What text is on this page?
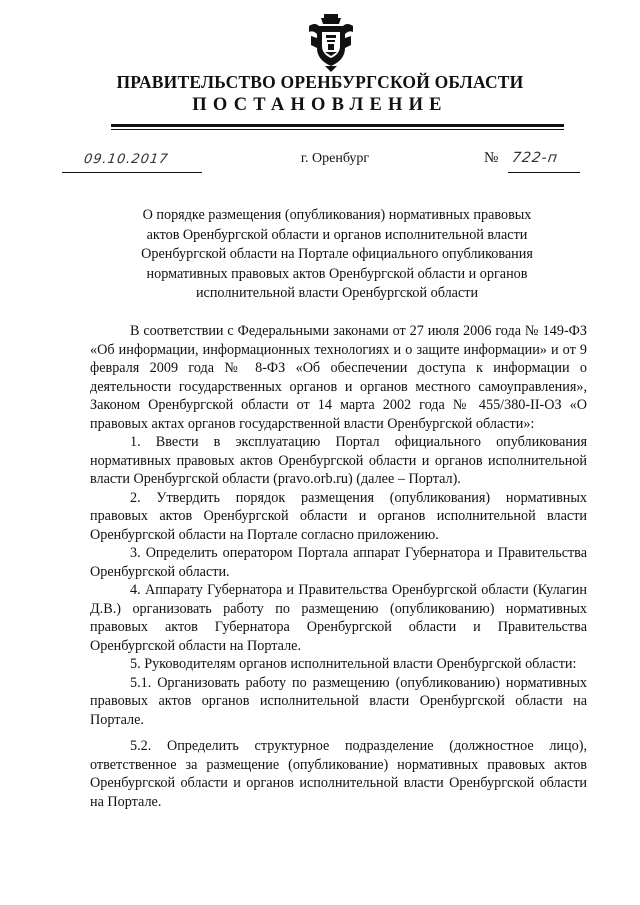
ПРАВИТЕЛЬСТВО ОРЕНБУРГСКОЙ ОБЛАСТИ
ПОСТАНОВЛЕНИЕ
09.10.2017	г. Оренбург	№ 722-п
О порядке размещения (опубликования) нормативных правовых актов Оренбургской области и органов исполнительной власти Оренбургской области на Портале официального опубликования нормативных правовых актов Оренбургской области и органов исполнительной власти Оренбургской области

В соответствии с Федеральными законами от 27 июля 2006 года № 149-ФЗ «Об информации, информационных технологиях и о защите информации» и от 9 февраля 2009 года № 8-ФЗ «Об обеспечении доступа к информации о деятельности государственных органов и органов местного самоуправления», Законом Оренбургской области от 14 марта 2002 года № 455/380-II-ОЗ «О правовых актах органов государственной власти Оренбургской области»:

1. Ввести в эксплуатацию Портал официального опубликования нормативных правовых актов Оренбургской области и органов исполнительной власти Оренбургской области (pravo.orb.ru) (далее – Портал).

2. Утвердить порядок размещения (опубликования) нормативных правовых актов Оренбургской области и органов исполнительной власти Оренбургской области на Портале согласно приложению.

3. Определить оператором Портала аппарат Губернатора и Правительства Оренбургской области.

4. Аппарату Губернатора и Правительства Оренбургской области (Кулагин Д.В.) организовать работу по размещению (опубликованию) нормативных правовых актов Губернатора Оренбургской области и Правительства Оренбургской области на Портале.

5. Руководителям органов исполнительной власти Оренбургской области:

5.1. Организовать работу по размещению (опубликованию) нормативных правовых актов органов исполнительной власти Оренбургской области на Портале.

5.2. Определить структурное подразделение (должностное лицо), ответственное за размещение (опубликование) нормативных правовых актов Оренбургской области и органов исполнительной власти Оренбургской области на Портале.
